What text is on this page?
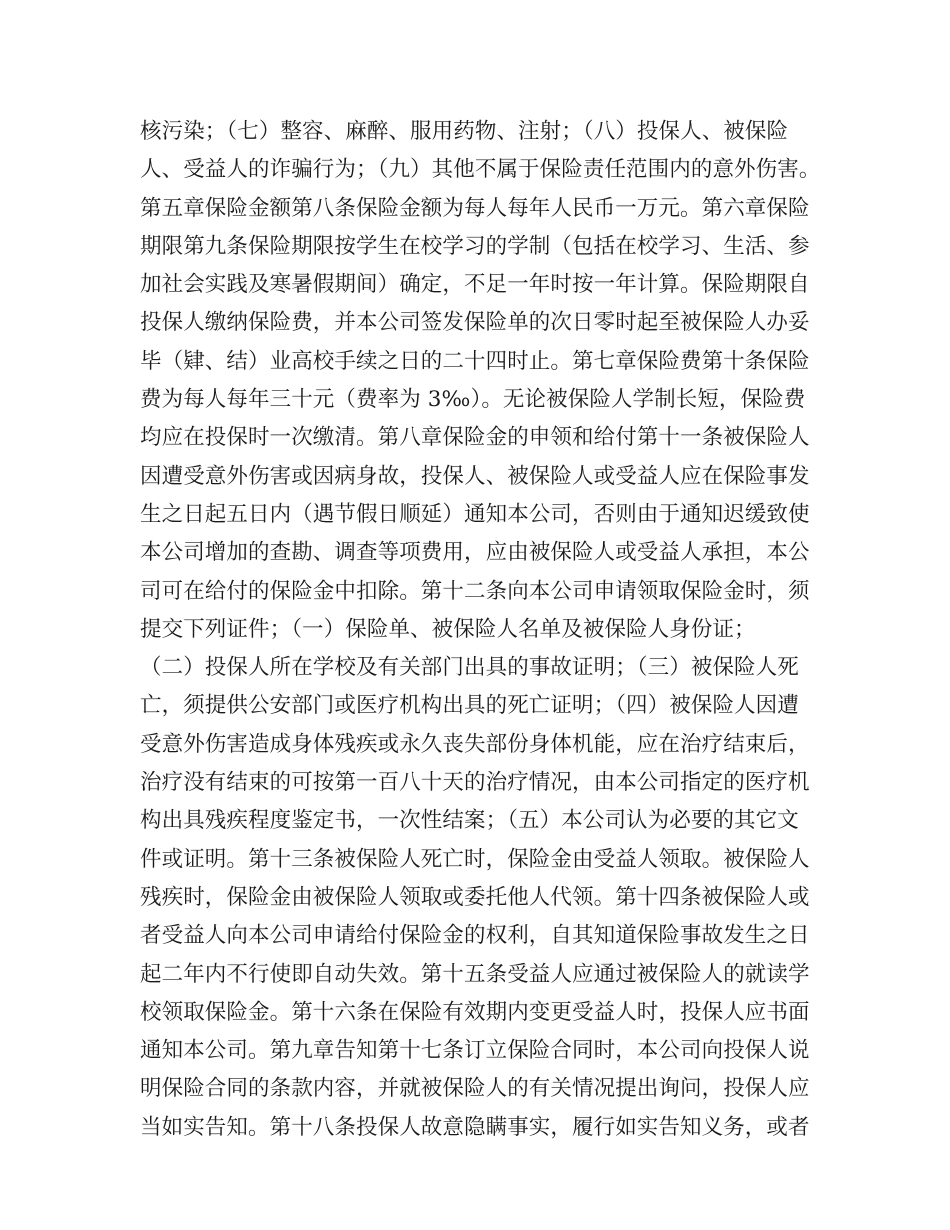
核污染；（七）整容、麻醉、服用药物、注射；（八）投保人、被保险
人、受益人的诈骗行为；（九）其他不属于保险责任范围内的意外伤害。
第五章保险金额第八条保险金额为每人每年人民币一万元。第六章保险
期限第九条保险期限按学生在校学习的学制（包括在校学习、生活、参
加社会实践及寒暑假期间）确定，不足一年时按一年计算。保险期限自
投保人缴纳保险费，并本公司签发保险单的次日零时起至被保险人办妥
毕（肄、结）业高校手续之日的二十四时止。第七章保险费第十条保险
费为每人每年三十元（费率为 3‰）。无论被保险人学制长短，保险费
均应在投保时一次缴清。第八章保险金的申领和给付第十一条被保险人
因遭受意外伤害或因病身故，投保人、被保险人或受益人应在保险事发
生之日起五日内（遇节假日顺延）通知本公司，否则由于通知迟缓致使
本公司增加的查勘、调查等项费用，应由被保险人或受益人承担，本公
司可在给付的保险金中扣除。第十二条向本公司申请领取保险金时，须
提交下列证件；（一）保险单、被保险人名单及被保险人身份证；
（二）投保人所在学校及有关部门出具的事故证明；（三）被保险人死
亡，须提供公安部门或医疗机构出具的死亡证明；（四）被保险人因遭
受意外伤害造成身体残疾或永久丧失部份身体机能，应在治疗结束后，
治疗没有结束的可按第一百八十天的治疗情况，由本公司指定的医疗机
构出具残疾程度鉴定书，一次性结案；（五）本公司认为必要的其它文
件或证明。第十三条被保险人死亡时，保险金由受益人领取。被保险人
残疾时，保险金由被保险人领取或委托他人代领。第十四条被保险人或
者受益人向本公司申请给付保险金的权利，自其知道保险事故发生之日
起二年内不行使即自动失效。第十五条受益人应通过被保险人的就读学
校领取保险金。第十六条在保险有效期内变更受益人时，投保人应书面
通知本公司。第九章告知第十七条订立保险合同时，本公司向投保人说
明保险合同的条款内容，并就被保险人的有关情况提出询问，投保人应
当如实告知。第十八条投保人故意隐瞒事实，履行如实告知义务，或者
